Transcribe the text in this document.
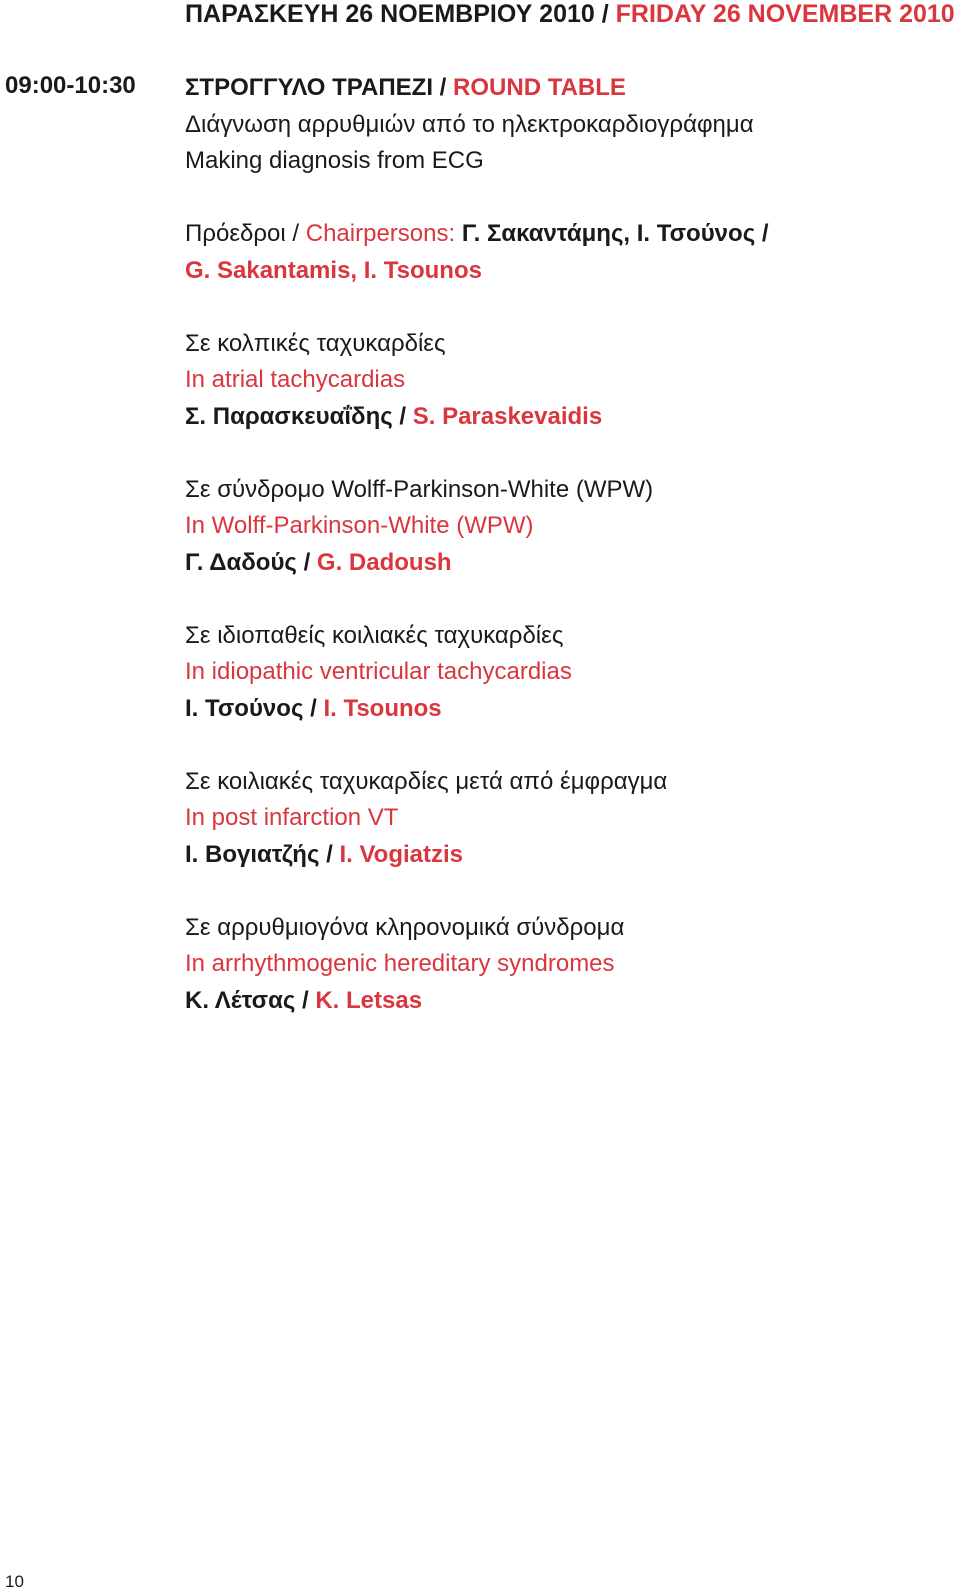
ΠΑΡΑΣΚΕΥΗ 26 ΝΟΕΜΒΡΙΟΥ 2010 / FRIDAY 26 NOVEMBER 2010
09:00-10:30 ΣΤΡΟΓΓΥΛΟ ΤΡΑΠΕΖΙ / ROUND TABLE
Διάγνωση αρρυθμιών από το ηλεκτροκαρδιογράφημα
Making diagnosis from ECG
Πρόεδροι / Chairpersons: Γ. Σακαντάμης, Ι. Τσούνος /
G. Sakantamis, I. Tsounos
Σε κολπικές ταχυκαρδίες
In atrial tachycardias
Σ. Παρασκευαΐδης / S. Paraskevaidis
Σε σύνδρομο Wolff-Parkinson-White (WPW)
In Wolff-Parkinson-White (WPW)
Γ. Δαδούς / G. Dadoush
Σε ιδιοπαθείς κοιλιακές ταχυκαρδίες
In idiopathic ventricular tachycardias
Ι. Τσούνος / I. Tsounos
Σε κοιλιακές ταχυκαρδίες μετά από έμφραγμα
In post infarction VT
Ι. Βογιατζής / I. Vogiatzis
Σε αρρυθμιογόνα κληρονομικά σύνδρομα
In arrhythmogenic hereditary syndromes
Κ. Λέτσας / K. Letsas
10
